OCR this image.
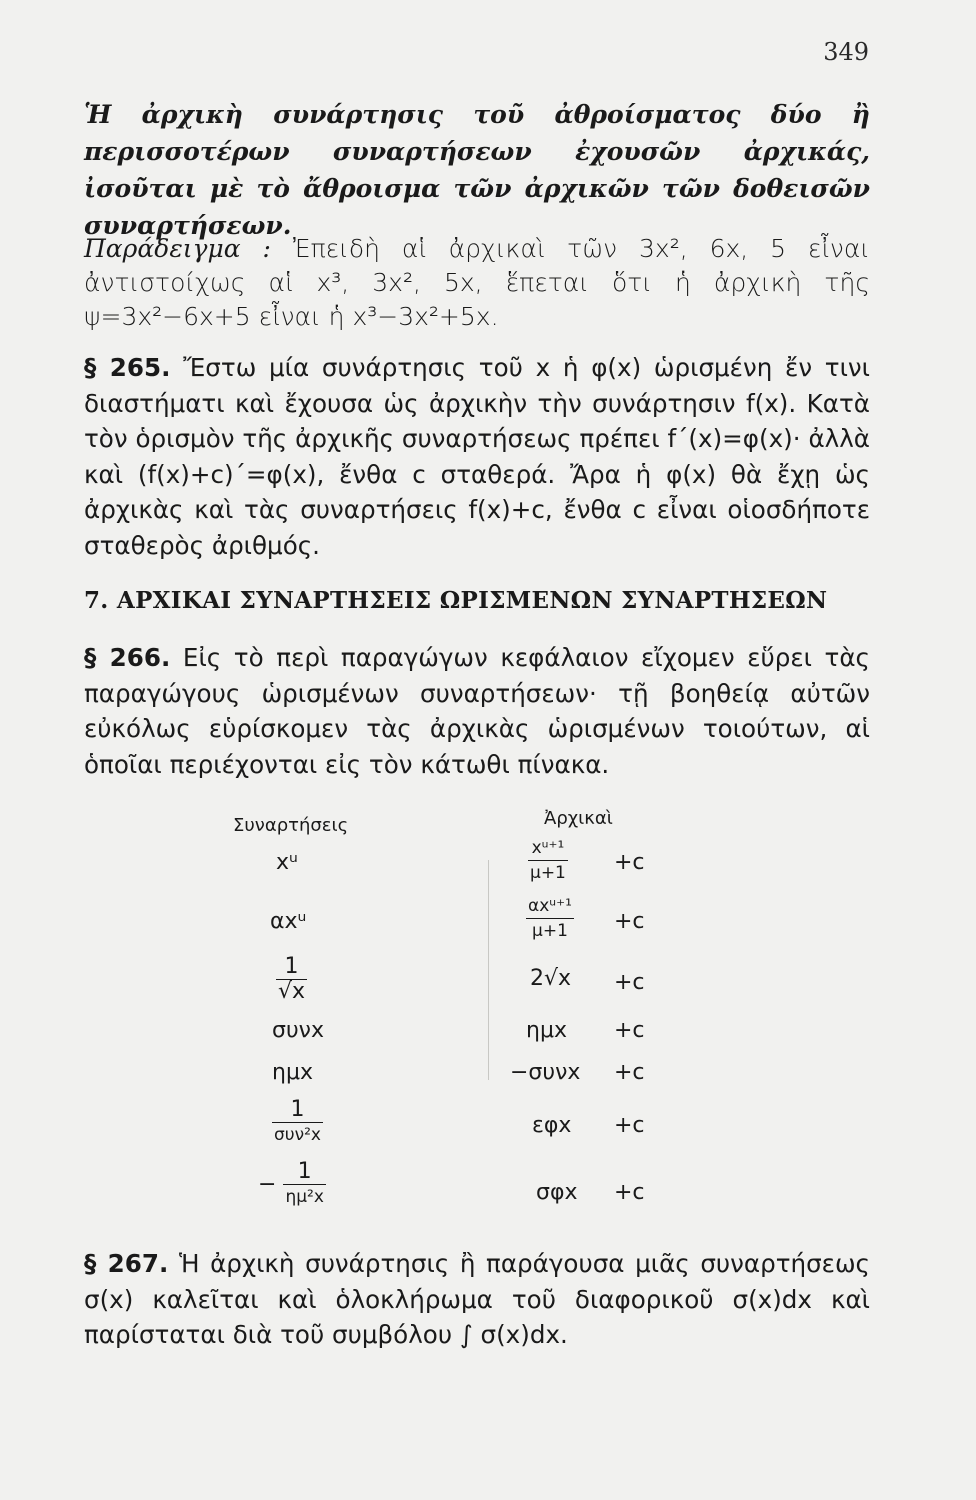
349
Ἡ ἀρχικὴ συνάρτησις τοῦ ἀθροίσματος δύο ἢ περισσοτέρων συναρτήσεων ἐχουσῶν ἀρχικάς, ἰσοῦται μὲ τὸ ἄθροισμα τῶν ἀρχικῶν τῶν δοθεισῶν συναρτήσεων.
Παράδειγμα : Ἐπειδὴ αἱ ἀρχικαὶ τῶν 3x², 6x, 5 εἶναι ἀντιστοίχως αἱ x³, 3x², 5x, ἕπεται ὅτι ἡ ἀρχικὴ τῆς ψ=3x²−6x+5 εἶναι ἡ x³−3x²+5x.
§ 265. Ἔστω μία συνάρτησις τοῦ x ἡ φ(x) ὡρισμένη ἔν τινι διαστήματι καὶ ἔχουσα ὡς ἀρχικὴν τὴν συνάρτησιν f(x). Κατὰ τὸν ὁρισμὸν τῆς ἀρχικῆς συναρτήσεως πρέπει f΄(x)=φ(x)· ἀλλὰ καὶ (f(x)+c)΄=φ(x), ἔνθα c σταθερά. Ἄρα ἡ φ(x) θὰ ἔχῃ ὡς ἀρχικὰς καὶ τὰς συναρτήσεις f(x)+c, ἔνθα c εἶναι οἱοσδήποτε σταθερὸς ἀριθμός.
7. ΑΡΧΙΚΑΙ ΣΥΝΑΡΤΗΣΕΙΣ ΩΡΙΣΜΕΝΩΝ ΣΥΝΑΡΤΗΣΕΩΝ
§ 266. Εἰς τὸ περὶ παραγώγων κεφάλαιον εἴχομεν εὕρει τὰς παραγώγους ὡρισμένων συναρτήσεων· τῇ βοηθείᾳ αὐτῶν εὐκόλως εὑρίσκομεν τὰς ἀρχικὰς ὡρισμένων τοιούτων, αἱ ὁποῖαι περιέχονται εἰς τὸν κάτωθι πίνακα.
Συναρτήσεις	Ἀρχικαὶ
xᵘ	$\frac{\text{xᵘ⁺¹}}{\mu+1} +c$
αxᵘ	$\frac{\text{αxᵘ⁺¹}}{\mu+1} +c$
$\frac{1}{√x}$	2√x +c
συνx	ημx +c
ημx	−συνx +c
$\frac{1}{\text{συν²x}}$	εφx +c
− $\frac{1}{\text{ημ²x}}$	σφx +c
§ 267. Ἡ ἀρχικὴ συνάρτησις ἢ παράγουσα μιᾶς συναρτήσεως σ(x) καλεῖται καὶ ὁλοκλήρωμα τοῦ διαφορικοῦ σ(x)dx καὶ παρίσταται διὰ τοῦ συμβόλου ∫ σ(x)dx.
